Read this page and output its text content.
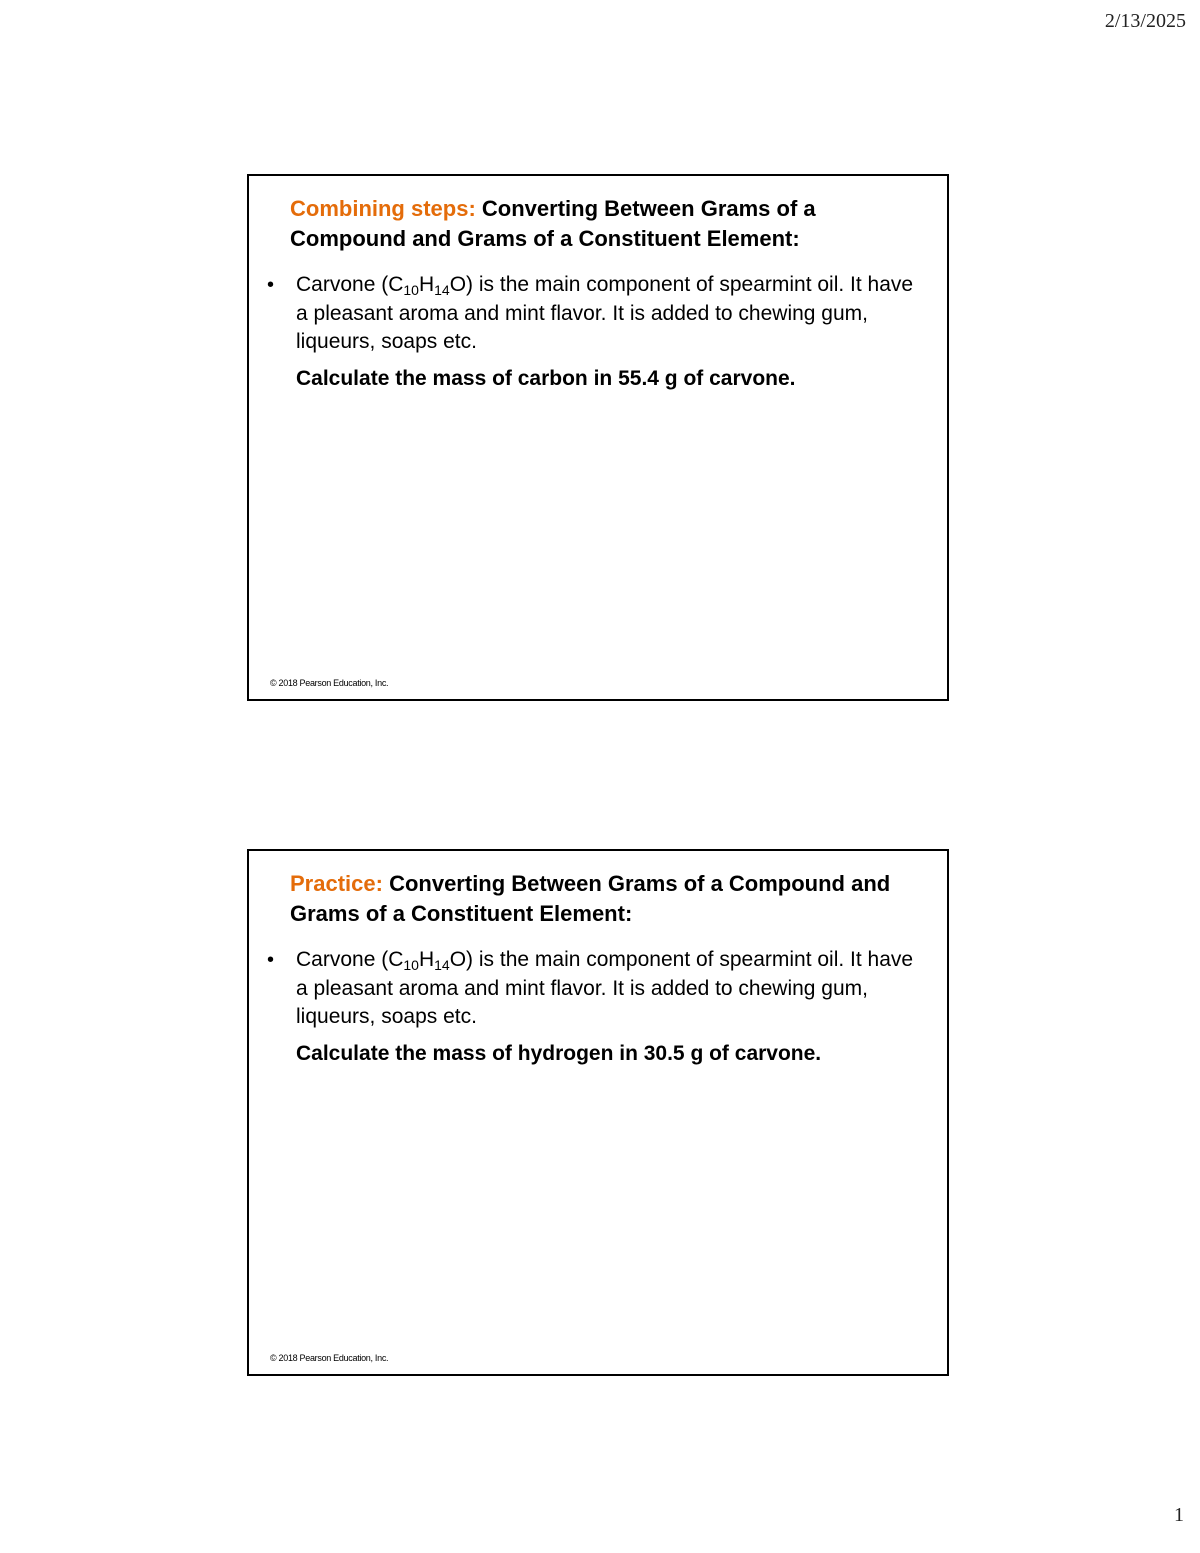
2/13/2025
Combining steps: Converting Between Grams of a Compound and Grams of a Constituent Element:
•	Carvone $(C_{10}H_{14}O)$ is the main component of spearmint oil. It have a pleasant aroma and mint flavor. It is added to chewing gum, liqueurs, soaps etc.
Calculate the mass of carbon in 55.4 g of carvone.
© 2018 Pearson Education, Inc.
Practice: Converting Between Grams of a Compound and Grams of a Constituent Element:
•	Carvone $(C_{10}H_{14}O)$ is the main component of spearmint oil. It have a pleasant aroma and mint flavor. It is added to chewing gum, liqueurs, soaps etc.
Calculate the mass of hydrogen in 30.5 g of carvone.
© 2018 Pearson Education, Inc.
1
